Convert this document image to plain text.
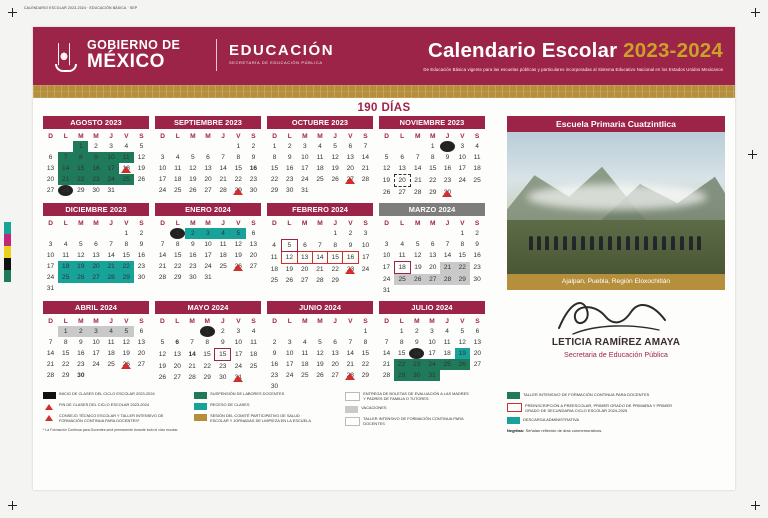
CALENDARIO ESCOLAR 2023-2024 · EDUCACIÓN BÁSICA · SEP
GOBIERNO DE
MÉXICO
EDUCACIÓN
SECRETARÍA DE EDUCACIÓN PÚBLICA
Calendario Escolar 2023-2024
De Educación Básica vigente para las escuelas públicas y particulares incorporadas al Sistema Educativo Nacional en los Estados Unidos Mexicanos
190 DÍAS
AGOSTO 2023
D	L	M	M	J	V	S
		1	2	3	4	5
6	7	8	9	10	11	12
13	14	15	16	17	18	19
20	21	22	23	24	25	26
27	28	29	30	31		
SEPTIEMBRE 2023
D	L	M	M	J	V	S
					1	2
3	4	5	6	7	8	9
10	11	12	13	14	15	16
17	18	19	20	21	22	23
24	25	26	27	28	29	30
OCTUBRE 2023
D	L	M	M	J	V	S
1	2	3	4	5	6	7
8	9	10	11	12	13	14
15	16	17	18	19	20	21
22	23	24	25	26	27	28
29	30	31				
NOVIEMBRE 2023
D	L	M	M	J	V	S
			1	2	3	4
5	6	7	8	9	10	11
12	13	14	15	16	17	18
19	20	21	22	23	24	25
26	27	28	29	30		
DICIEMBRE 2023
D	L	M	M	J	V	S
					1	2
3	4	5	6	7	8	9
10	11	12	13	14	15	16
17	18	19	20	21	22	23
24	25	26	27	28	29	30
31						
ENERO 2024
D	L	M	M	J	V	S
	1	2	3	4	5	6
7	8	9	10	11	12	13
14	15	16	17	18	19	20
21	22	23	24	25	26	27
28	29	30	31			
FEBRERO 2024
D	L	M	M	J	V	S
				1	2	3
4	5	6	7	8	9	10
11	12	13	14	15	16	17
18	19	20	21	22	23	24
25	26	27	28	29		
MARZO 2024
D	L	M	M	J	V	S
					1	2
3	4	5	6	7	8	9
10	11	12	13	14	15	16
17	18	19	20	21	22	23
24	25	26	27	28	29	30
31						
ABRIL 2024
D	L	M	M	J	V	S
	1	2	3	4	5	6
7	8	9	10	11	12	13
14	15	16	17	18	19	20
21	22	23	24	25	26	27
28	29	30				
MAYO 2024
D	L	M	M	J	V	S
			1	2	3	4
5	6	7	8	9	10	11
12	13	14	15	15	17	18
19	20	21	22	23	24	25
26	27	28	29	30	31	
JUNIO 2024
D	L	M	M	J	V	S
						1
2	3	4	5	6	7	8
9	10	11	12	13	14	15
16	17	18	19	20	21	22
23	24	25	26	27	28	29
30						
JULIO 2024
D	L	M	M	J	V	S
	1	2	3	4	5	6
7	8	9	10	11	12	13
14	15	16	17	18	19	20
21	22	23	24	25	26	27
28	29	30	31			
Escuela Primaria Cuatzintlica
Ajalpan, Puebla, Región Eloxochitlán
LETICIA RAMÍREZ AMAYA
Secretaria de Educación Pública
INICIO DE CLASES DEL CICLO ESCOLAR 2023-2024
FIN DE CLASES DEL CICLO ESCOLAR 2023-2024
CONSEJO TÉCNICO ESCOLAR Y TALLER INTENSIVO DE FORMACIÓN CONTINUA PARA DOCENTES*
* La Formación Continua para Docentes será permanente durante todo el ciclo escolar.

SUSPENSIÓN DE LABORES DOCENTES
RECESO DE CLASES
SESIÓN DEL COMITÉ PARTICIPATIVO DE SALUD ESCOLAR Y JORNADAS DE LIMPIEZA EN LA ESCUELA

ENTREGA DE BOLETAS DE EVALUACIÓN A LAS MADRES Y PADRES DE FAMILIA O TUTORES
VACACIONES
TALLER INTENSIVO DE FORMACIÓN CONTINUA PARA DOCENTES
TALLER INTENSIVO DE FORMACIÓN CONTINUA PARA DOCENTES
PREINSCRIPCIÓN A PREESCOLAR, PRIMER GRADO DE PRIMARIA Y PRIMER GRADO DE SECUNDARIA CICLO ESCOLAR 2024-2025
DESCARGA ADMINISTRATIVA
Negritas: Señalan reflexión de días conmemorativos.
